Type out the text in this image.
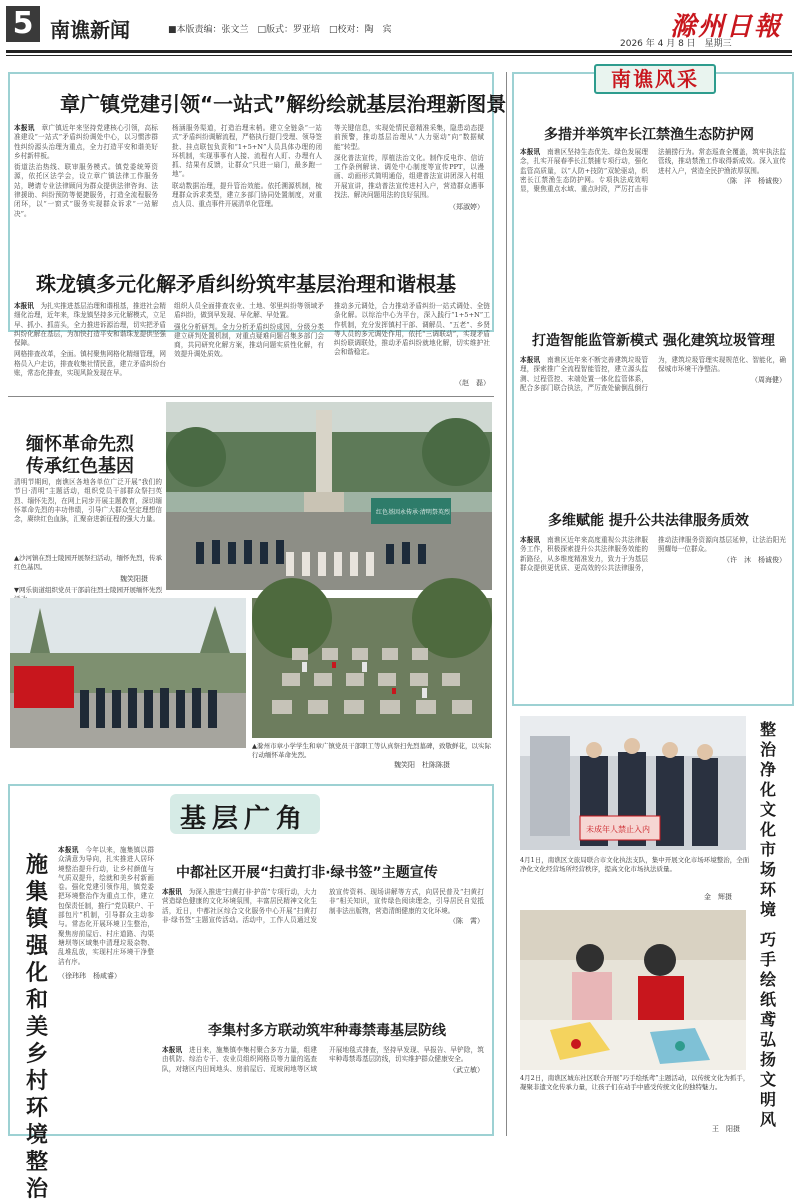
5 南谯新闻	■本版责编：张文兰　□版式：罗亚培　□校对：陶　宾	滁州日報
2026 年 4 月 8 日　星期三
章广镇党建引领“一站式”解纷绘就基层治理新图景
本报讯　 章广镇近年来坚持党建核心引领，高标准建设“一站式”矛盾纠纷调处中心，以习惯涉群性纠纷源头治理为重点，全力打造平安和谐美好乡村新样板。
街道法治热线、联审服务模式。镇党委统筹资源，依托区法学会，设立章广镇法律工作服务站，聘请专业法律顾问为群众提供法律咨询、法律援助、纠纷预防等便捷服务，打造全流程服务闭环，以“一窗式”服务实现群众诉求“一站解决”。
杨涵服务渠道，打造治理末梢。建立全链条“一站式”矛盾纠纷调解流程，严格执行提门受理、领导签批、挂点联包负责和“1+5+N”人员具体办理的闭环机制，实现事事有人接、流程有人盯、办理有人抓、结果有反馈，让群众“只进一扇门，最多跑一地”。
联动数据治理，提升管治效能。依托溯源机制，梳理群众诉求类型，建立多部门协同处置制度，对重点人员、重点事件开展清单化管理。
等关键信息，实现处情民意精准采集，隐患动态提前预警，推动基层治理从“人力驱动”向“数据赋能”转型。
深化普法宣传，厚植法治文化。制作反电诈、信访工作条例解读、调处中心制度等宣传PPT，以漫画、动画形式简明通俗，组建普法宣讲团深入村组开展宣讲，推动普法宣传进村入户，营造群众遇事找法、解决问题用法的良好氛围。
（郑淑婷）
珠龙镇多元化解矛盾纠纷筑牢基层治理和谐根基
本报讯　 为扎实推进基层治理和谐根基，推进社会精细化治理，近年来，珠龙镇坚持多元化解模式，立足早、抓小、抓苗头，全力推进诉源治理，切实把矛盾纠纷化解在基层，为加快打造平安和谐珠龙提供坚强保障。
网格排查改革，全面。镇村聚焦网格化精细管理，网格员入户走访，排查收集社情民意，建立矛盾纠纷台账，常态化排查，实现风险发现在早。
组织人员全面排查农业、土地、邻里纠纷等领域矛盾纠纷，做到早发现、早化解、早处置。
强化分析研判。全力分析矛盾纠纷成因，分级分类建立研判处置机制，对重点疑难问题召集多部门会商，共同研究化解方案，推动问题实质性化解，有效提升调处质效。
推动多元调处，合力推动矛盾纠纷一站式调处、全链条化解。以综治中心为平台，深入践行“1+5+N”工作机制，充分发挥镇村干部、调解员、“五老”、乡贤等人员的多元调处作用，依托“三调联动”，实现矛盾纠纷联调联处，推动矛盾纠纷就地化解，切实维护社会和谐稳定。
（赵　磊）
缅怀革命先烈
传承红色基因
清明节期间，南谯区各地各单位广泛开展“我们的节日·清明”主题活动，组织党员干部群众祭扫英烈、缅怀先烈，在网上同步开展主题教育，深切缅怀革命先烈的丰功伟绩，引导广大群众坚定理想信念，赓续红色血脉，汇聚奋进新征程的强大力量。
▲沙河镇在烈士陵园开展祭扫活动，缅怀先烈，传承红色基因。
魏笑阳摄
▼网乐街道组织党员干部前往烈士陵园开展缅怀先烈
红色基因永传承·清明祭英烈
▲滁州市章小学学生和章广镇党员干部职工等认真祭扫先烈墓碑，致敬鲜花，以实际行动缅怀革命先烈。
魏笑阳　杜陈陈摄
基层广角
施集镇强化和美乡村环境整治
本报讯　 今年以来，施集镇以群众满意为导向，扎实推进人居环境整治提升行动，让乡村颜值与气质双提升，绘就和美乡村新画卷。强化党建引领作用，镇党委把环境整治作为重点工作，建立包保责任制，推行“党员联户、干部包片”机制，引导群众主动参与。常态化开展环境卫生整治，聚焦房前屋后、村庄道路、沟渠塘坝等区域集中清理垃圾杂物、乱堆乱放，实现村庄环境干净整洁有序。
（徐玮玮　杨咸睿）
中都社区开展“扫黄打非·绿书签”主题宣传
本报讯　 为深入推进“扫黄打非·护苗”专项行动，大力营造绿色健康的文化环境氛围，丰富居民精神文化生活，近日，中都社区综合文化服务中心开展“扫黄打非·绿书签”主题宣传活动。活动中，工作人员通过发放宣传资料、现场讲解等方式，向居民普及“扫黄打非”相关知识，宣传绿色阅读理念，引导居民自觉抵制非法出版物，营造清朗健康的文化环境。
（陈　霄）
李集村多方联动筑牢种毒禁毒基层防线
本报讯　 进日来，施集镇李集村聚合多方力量，组建由机防、综治专干、农业员组织网格员等力量的巡查队，对辖区内田间地头、房前屋后、荒坡闲地等区域开展地毯式排查，坚持早发现、早报告、早铲除，筑牢种毒禁毒基层防线，切实维护群众健康安全。
（武立敏）
南谯风采
多措并举筑牢长江禁渔生态防护网
本报讯　 南谯区坚持生态优先、绿色发展理念，扎实开展春季长江禁捕专项行动，强化监管高质量，以“人防+技防”双轮驱动，织密长江禁渔生态防护网。专项执法成效明显，聚焦重点水域、重点时段，严厉打击非法捕捞行为。常态巡查全覆盖，筑牢执法监管线，推动禁渔工作取得新成效。深入宣传进村入户，营造全民护渔浓厚氛围。
（陈　洋　杨诚俊）
打造智能监管新模式 强化建筑垃圾管理
本报讯　 南谯区近年来不断完善建筑垃圾管理，探索推广全流程智能管控，建立源头监测、过程管控、末端处置一体化监管体系，配合多部门联合执法，严厉查处偷倒乱倒行为，建筑垃圾管理实现规范化、智能化，确保城市环境干净整洁。
（周海健）
多维赋能 提升公共法律服务质效
本报讯　 南谯区近年来高度重视公共法律服务工作，积极探索提升公共法律服务效能的新路径，从多维度精准发力，致力于为基层群众提供更优质、更高效的公共法律服务，推动法律服务资源向基层延伸，让法治阳光照耀每一位群众。
（许　沐　杨诚俊）
未成年人禁止入内
整治净化文化市场环境
4月1日，南谯区文旅局联合市文化执法支队，集中开展文化市场环境整治，全面净化文化经营场所经营秩序，提高文化市场执法质量。
金　辉摄
巧手绘纸鸢 弘扬文明风
4月2日，南谯区城东社区联合开展“巧手绘纸鸢”主题活动，以传统文化为抓手，凝聚非遗文化传承力量，让孩子们在动手中感受传统文化的独特魅力。
王　阳摄
